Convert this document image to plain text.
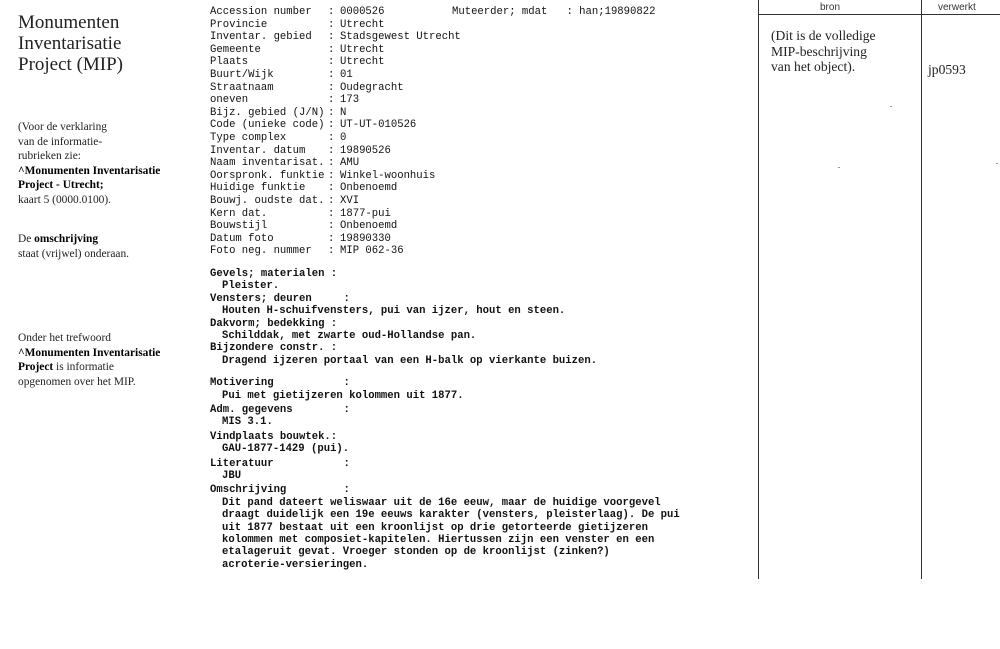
Monumenten
Inventarisatie
Project (MIP)
(Voor de verklaring
van de informatie-
rubrieken zie:
^Monumenten Inventarisatie
Project - Utrecht;
kaart 5 (0000.0100).
De omschrijving
staat (vrijwel) onderaan.
Onder het trefwoord
^Monumenten Inventarisatie
Project is informatie
opgenomen over het MIP.
Muteerder; mdat : han;19890822
Accession number : 0000526
Provincie	: Utrecht
Inventar. gebied : Stadsgewest Utrecht
Gemeente	: Utrecht
Plaats	: Utrecht
Buurt/Wijk	: 01
Straatnaam	: Oudegracht
oneven	: 173
Bijz. gebied (J/N) : N
Code (unieke code) : UT-UT-010526
Type complex	: 0
Inventar. datum : 19890526
Naam inventarisat. : AMU
Oorspronk. funktie : Winkel-woonhuis
Huidige funktie : Onbenoemd
Bouwj. oudste dat. : XVI
Kern dat.	: 1877-pui
Bouwstijl	: Onbenoemd
Datum foto	: 19890330
Foto neg. nummer : MIP 062-36
Gevels; materialen :
Pleister.
Vensters; deuren     :
Houten H-schuifvensters, pui van ijzer, hout en steen.
Dakvorm; bedekking :
Schilddak, met zwarte oud-Hollandse pan.
Bijzondere constr. :
Dragend ijzeren portaal van een H-balk op vierkante buizen.
Motivering           :
Pui met gietijzeren kolommen uit 1877.
Adm. gegevens        :
MIS 3.1.
Vindplaats bouwtek.:
GAU-1877-1429 (pui).
Literatuur           :
JBU
Omschrijving         :
Dit pand dateert weliswaar uit de 16e eeuw, maar de huidige voorgevel
draagt duidelijk een 19e eeuws karakter (vensters, pleisterlaag). De pui
uit 1877 bestaat uit een kroonlijst op drie getorteerde gietijzeren
kolommen met composiet-kapitelen. Hiertussen zijn een venster en een
etalageruit gevat. Vroeger stonden op de kroonlijst (zinken?)
acroterie-versieringen.
bron	verwerkt
(Dit is de volledige
MIP-beschrijving
van het object).	jp0593
